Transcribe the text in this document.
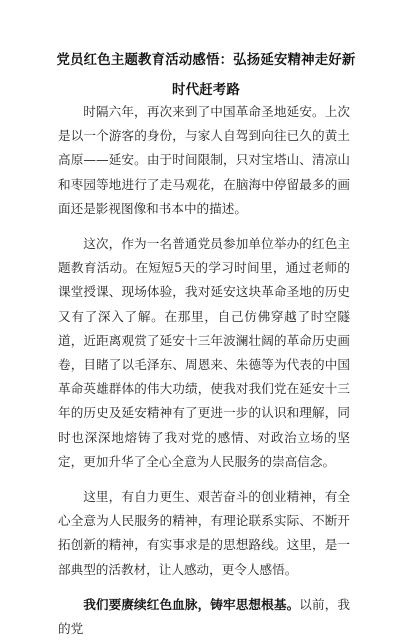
党员红色主题教育活动感悟：弘扬延安精神走好新时代赶考路

时隔六年，再次来到了中国革命圣地延安。上次是以一个游客的身份，与家人自驾到向往已久的黄土高原——延安。由于时间限制，只对宝塔山、清凉山和枣园等地进行了走马观花，在脑海中停留最多的画面还是影视图像和书本中的描述。

这次，作为一名普通党员参加单位举办的红色主题教育活动。在短短5天的学习时间里，通过老师的课堂授课、现场体验，我对延安这块革命圣地的历史又有了深入了解。在那里，自己仿佛穿越了时空隧道，近距离观赏了延安十三年波澜壮阔的革命历史画卷，目睹了以毛泽东、周恩来、朱德等为代表的中国革命英雄群体的伟大功绩，使我对我们党在延安十三年的历史及延安精神有了更进一步的认识和理解，同时也深深地熔铸了我对党的感情、对政治立场的坚定，更加升华了全心全意为人民服务的崇高信念。

这里，有自力更生、艰苦奋斗的创业精神，有全心全意为人民服务的精神，有理论联系实际、不断开拓创新的精神，有实事求是的思想路线。这里，是一部典型的活教材，让人感动，更令人感悟。

我们要赓续红色血脉，铸牢思想根基。以前，我的党
